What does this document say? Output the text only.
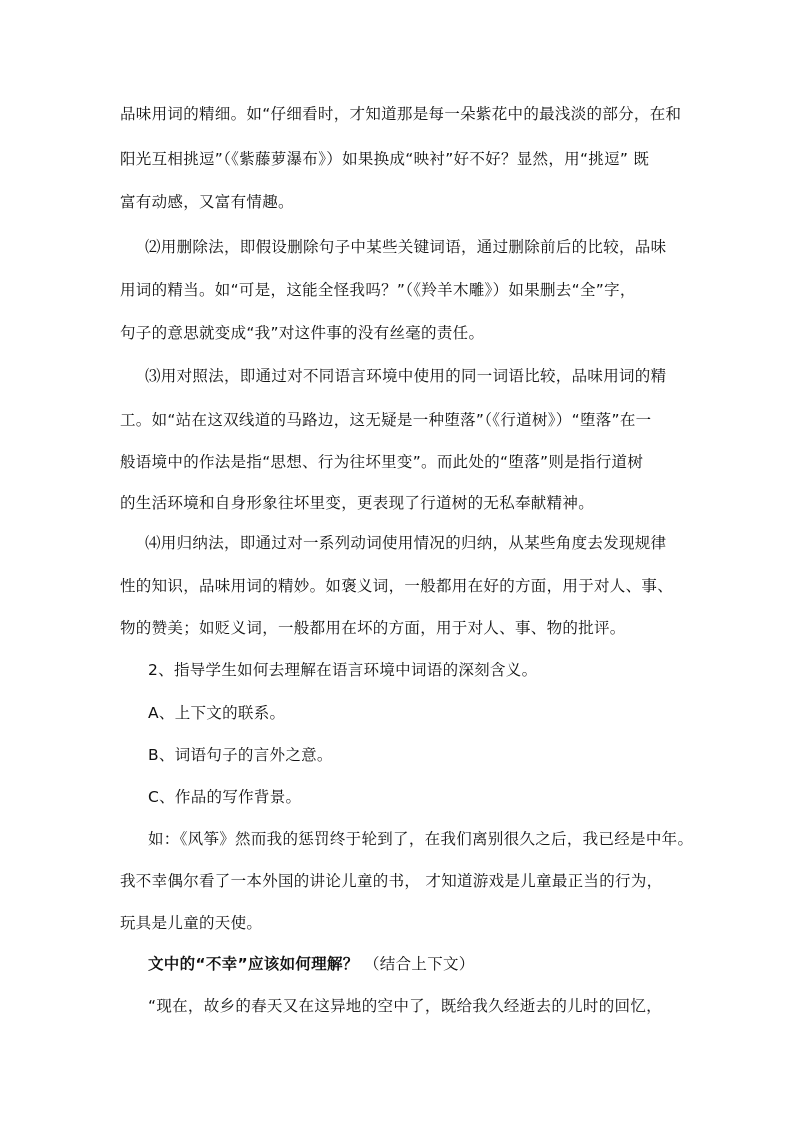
品味用词的精细。如“仔细看时，才知道那是每一朵紫花中的最浅淡的部分，在和
阳光互相挑逗”（《紫藤萝瀑布》）如果换成“映衬”好不好？显然，用“挑逗” 既
富有动感，又富有情趣。
⑵用删除法，即假设删除句子中某些关键词语，通过删除前后的比较，品味
用词的精当。如“可是，这能全怪我吗？”（《羚羊木雕》）如果删去“全”字，
句子的意思就变成“我”对这件事的没有丝毫的责任。
⑶用对照法，即通过对不同语言环境中使用的同一词语比较，品味用词的精
工。如“站在这双线道的马路边，这无疑是一种堕落”（《行道树》）“堕落”在一
般语境中的作法是指“思想、行为往坏里变”。而此处的“堕落”则是指行道树
的生活环境和自身形象往坏里变，更表现了行道树的无私奉献精神。
⑷用归纳法，即通过对一系列动词使用情况的归纳，从某些角度去发现规律
性的知识，品味用词的精妙。如褒义词，一般都用在好的方面，用于对人、事、
物的赞美；如贬义词，一般都用在坏的方面，用于对人、事、物的批评。
2、指导学生如何去理解在语言环境中词语的深刻含义。
A、上下文的联系。
B、词语句子的言外之意。
C、作品的写作背景。
如：《风筝》然而我的惩罚终于轮到了，在我们离别很久之后，我已经是中年。
我不幸偶尔看了一本外国的讲论儿童的书， 才知道游戏是儿童最正当的行为，
玩具是儿童的天使。
文中的“不幸”应该如何理解？ （结合上下文）
“现在，故乡的春天又在这异地的空中了，既给我久经逝去的儿时的回忆，
